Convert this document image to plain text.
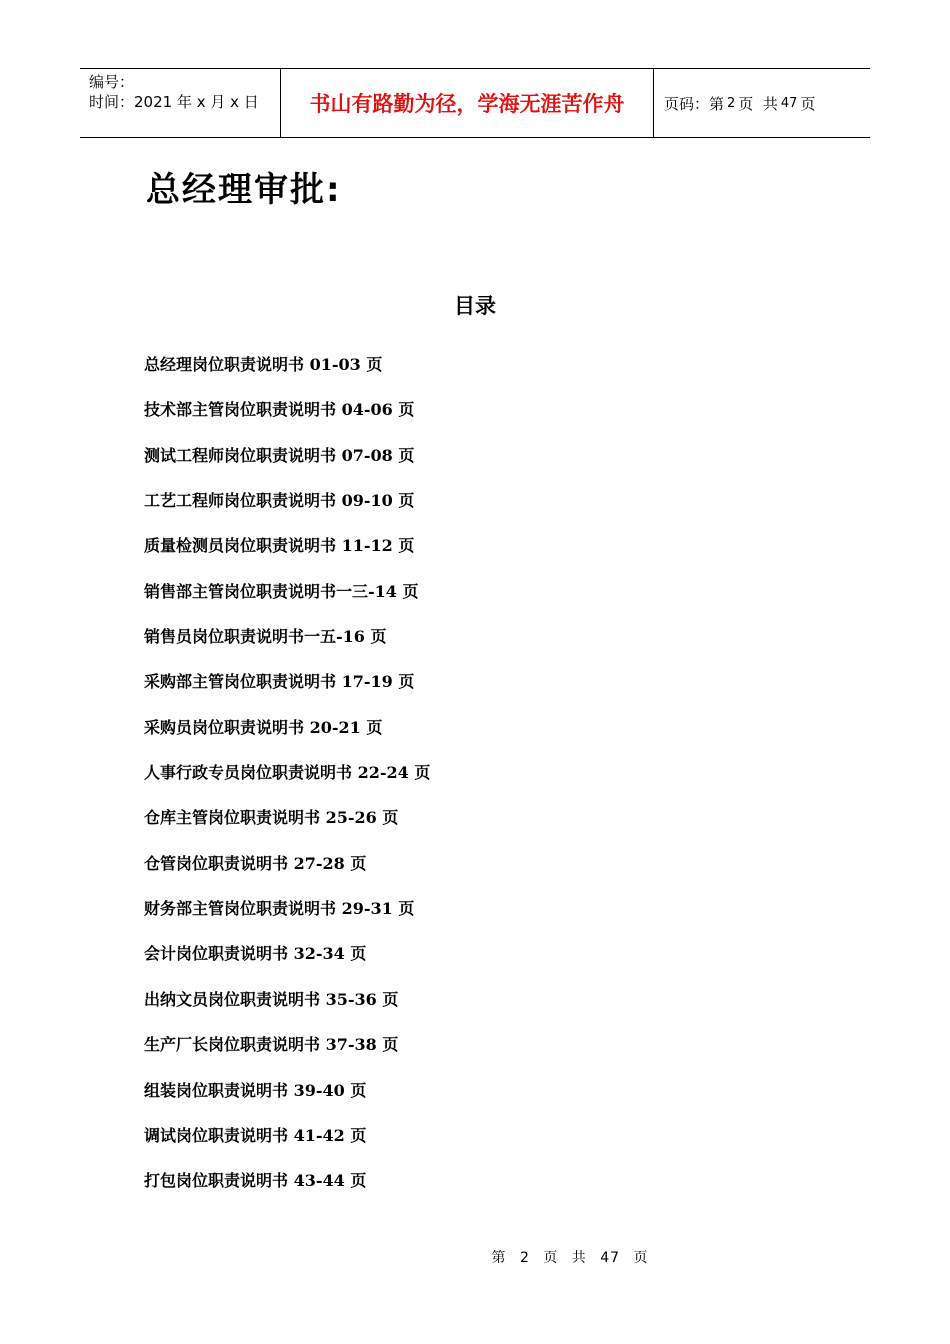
编号：
时间：2021 年 x 月 x 日	书山有路勤为径，学海无涯苦作舟	页码：第 2 页  共 47 页
总经理审批:
目录
总经理岗位职责说明书 01-03 页
技术部主管岗位职责说明书 04-06 页
测试工程师岗位职责说明书 07-08 页
工艺工程师岗位职责说明书 09-10 页
质量检测员岗位职责说明书 11-12 页
销售部主管岗位职责说明书一三-14 页
销售员岗位职责说明书一五-16 页
采购部主管岗位职责说明书 17-19 页
采购员岗位职责说明书 20-21 页
人事行政专员岗位职责说明书 22-24 页
仓库主管岗位职责说明书 25-26 页
仓管岗位职责说明书 27-28 页
财务部主管岗位职责说明书 29-31 页
会计岗位职责说明书 32-34 页
出纳文员岗位职责说明书 35-36 页
生产厂长岗位职责说明书 37-38 页
组装岗位职责说明书 39-40 页
调试岗位职责说明书 41-42 页
打包岗位职责说明书 43-44 页
第 2 页 共 47 页
